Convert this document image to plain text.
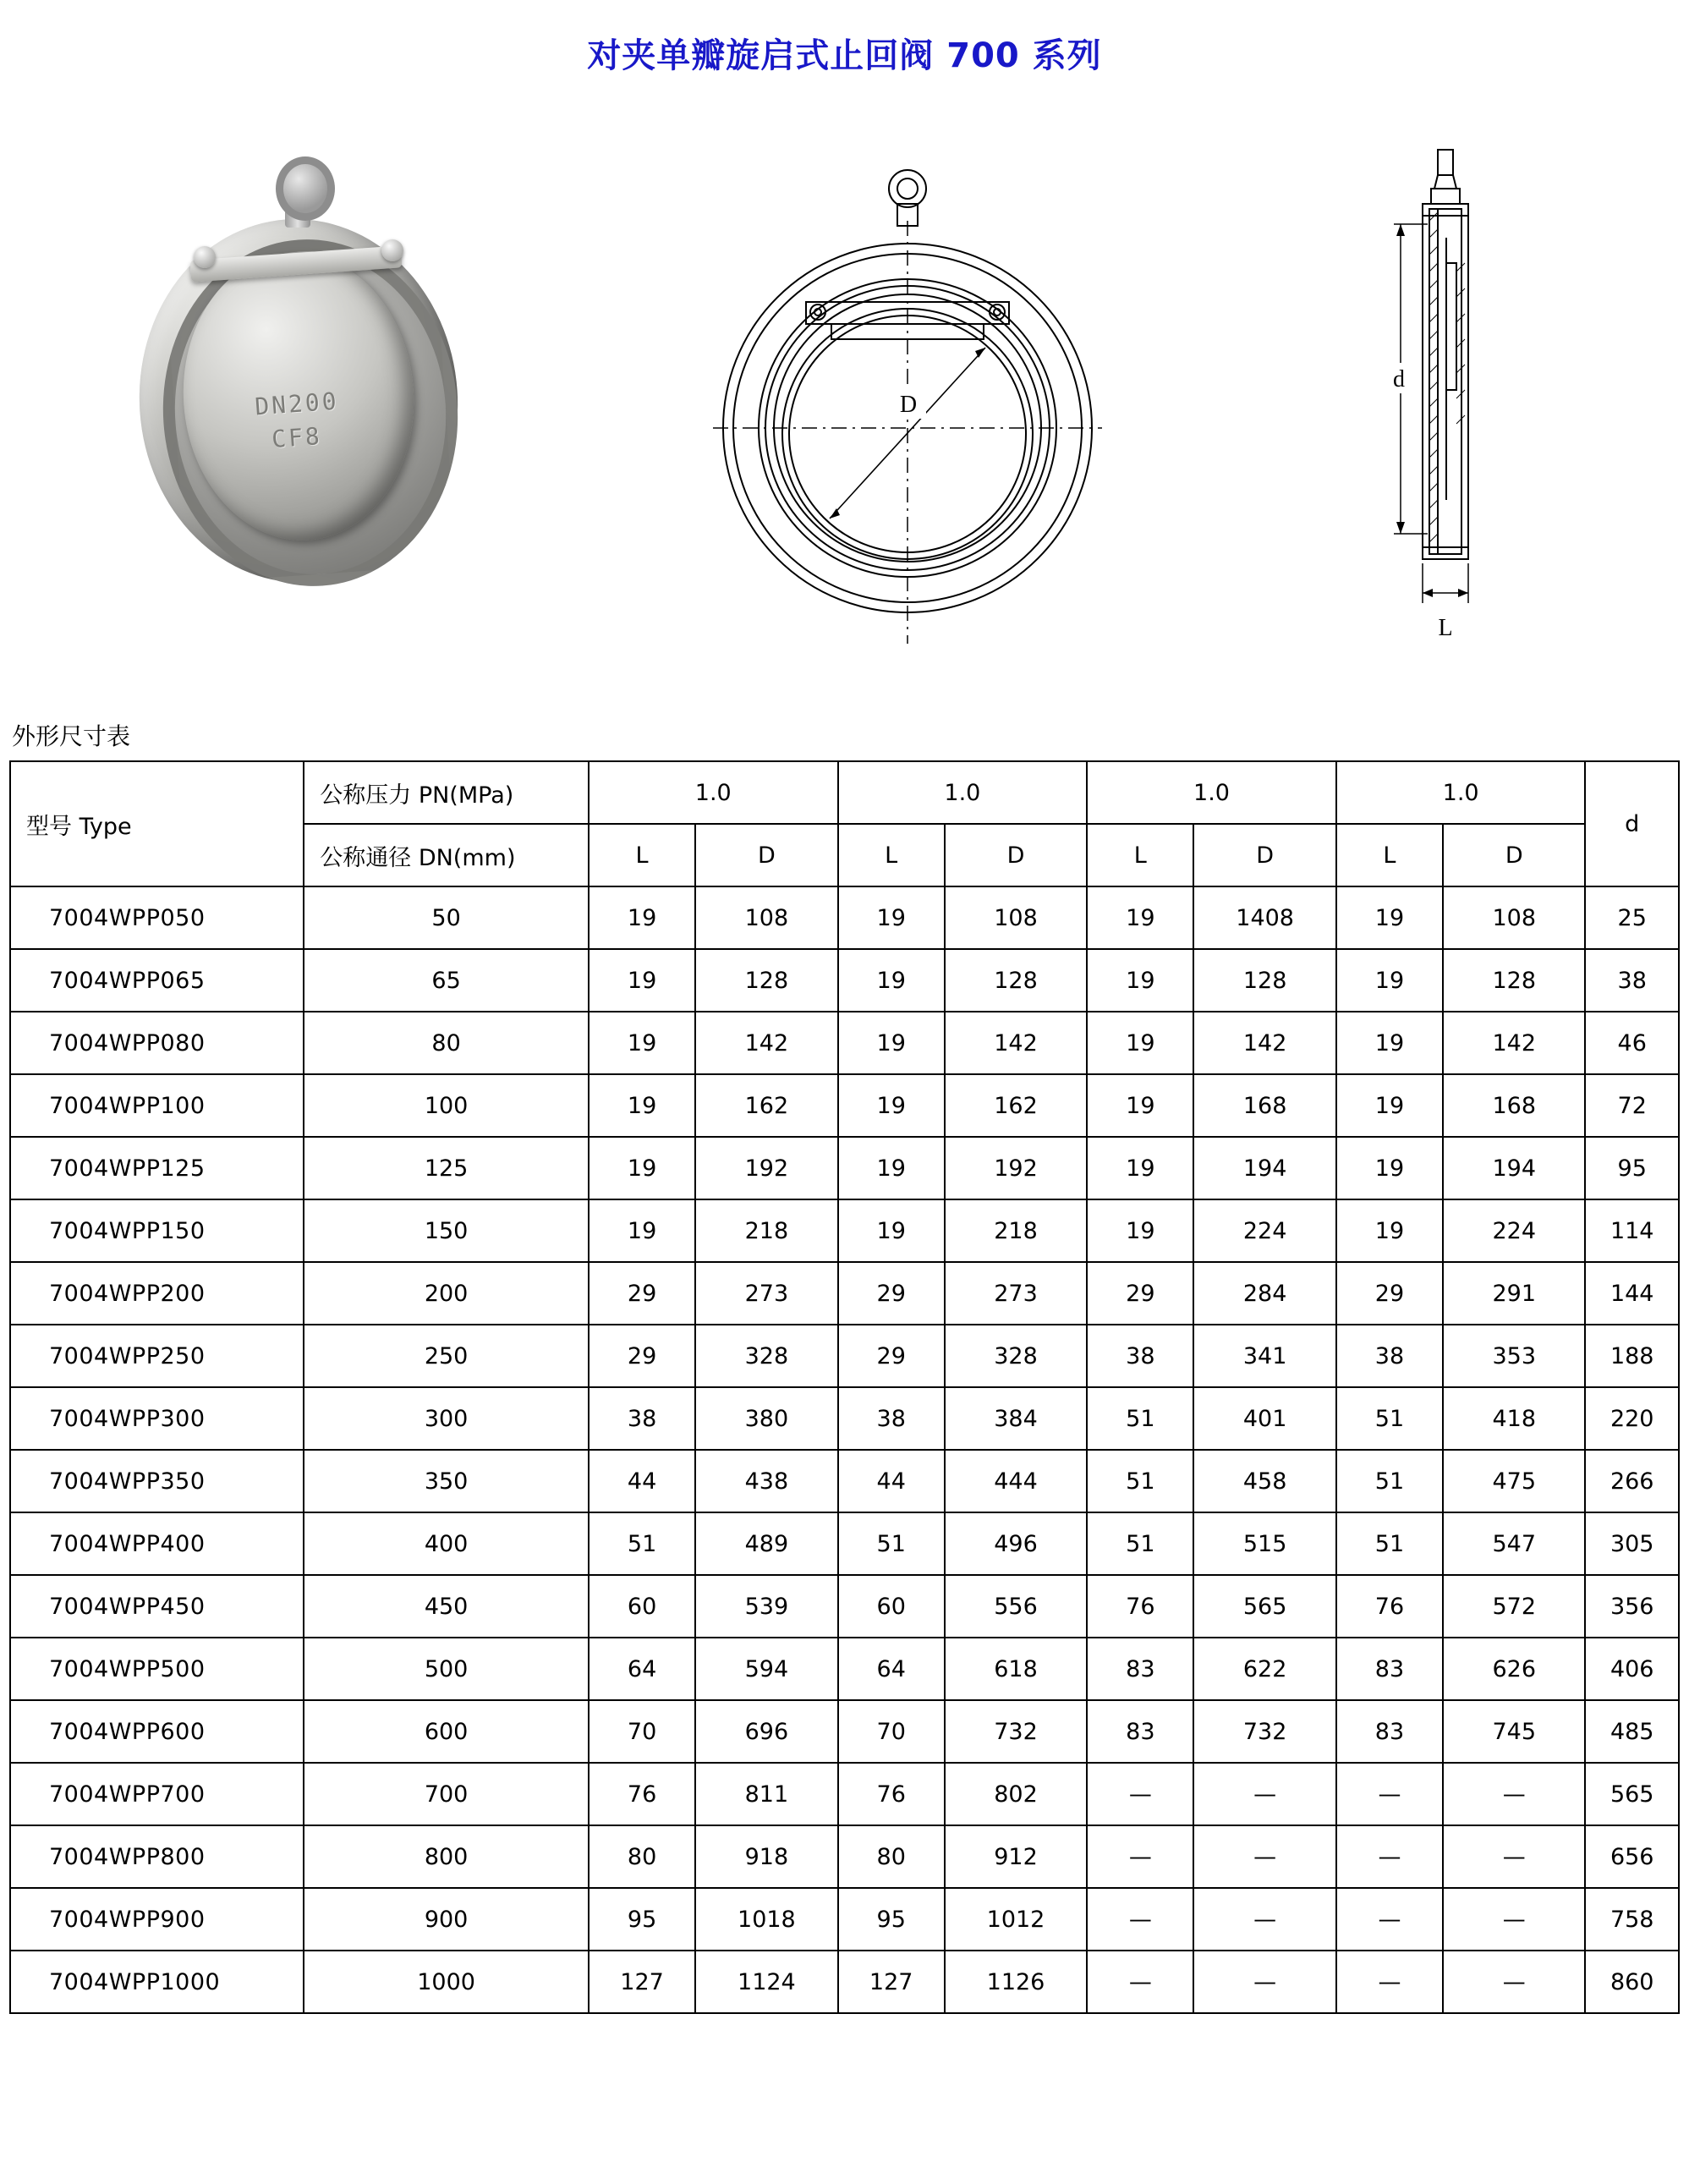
对夹单瓣旋启式止回阀 700 系列
DN200
CF8
D
d
L
外形尺寸表
型号 Type	公称压力 PN(MPa)	1.0		1.0		1.0		1.0		d
	公称通径 DN(mm)	L	D	L	D	L	D	L	D	
7004WPP050	50	19	108	19	108	19	1408	19	108	25
7004WPP065	65	19	128	19	128	19	128	19	128	38
7004WPP080	80	19	142	19	142	19	142	19	142	46
7004WPP100	100	19	162	19	162	19	168	19	168	72
7004WPP125	125	19	192	19	192	19	194	19	194	95
7004WPP150	150	19	218	19	218	19	224	19	224	114
7004WPP200	200	29	273	29	273	29	284	29	291	144
7004WPP250	250	29	328	29	328	38	341	38	353	188
7004WPP300	300	38	380	38	384	51	401	51	418	220
7004WPP350	350	44	438	44	444	51	458	51	475	266
7004WPP400	400	51	489	51	496	51	515	51	547	305
7004WPP450	450	60	539	60	556	76	565	76	572	356
7004WPP500	500	64	594	64	618	83	622	83	626	406
7004WPP600	600	70	696	70	732	83	732	83	745	485
7004WPP700	700	76	811	76	802	—	—	—	—	565
7004WPP800	800	80	918	80	912	—	—	—	—	656
7004WPP900	900	95	1018	95	1012	—	—	—	—	758
7004WPP1000	1000	127	1124	127	1126	—	—	—	—	860
